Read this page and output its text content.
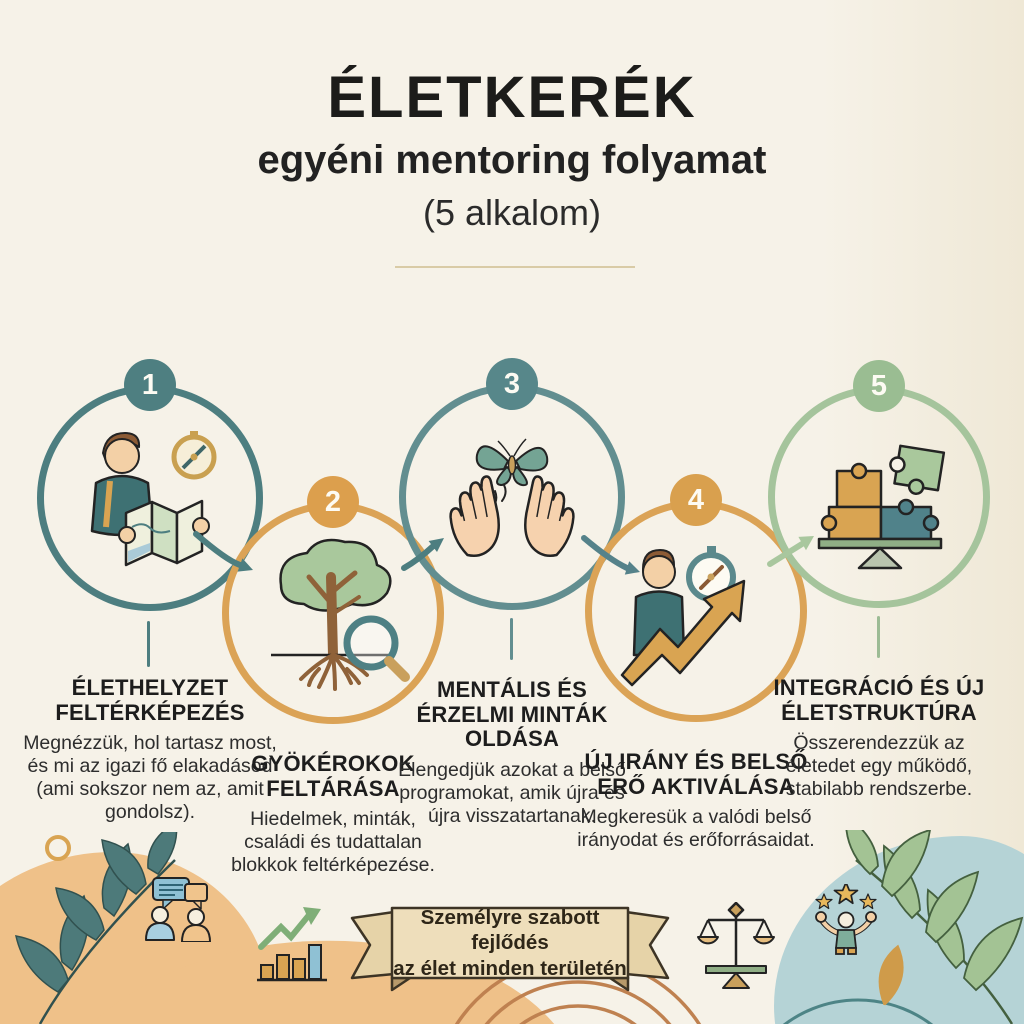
ÉLETKERÉK
egyéni mentoring folyamat
(5 alkalom)
1
ÉLETHELYZET FELTÉRKÉPEZÉS

Megnézzük, hol tartasz most, és mi az igazi fő elakadásod (ami sokszor nem az, amit gondolsz).

2
GYÖKÉROKOK FELTÁRÁSA

Hiedelmek, minták, családi és tudattalan blokkok feltérképezése.

3
MENTÁLIS ÉS ÉRZELMI MINTÁK OLDÁSA

Elengedjük azokat a belső programokat, amik újra és újra visszatartanak.

4
ÚJ IRÁNY ÉS BELSŐ ERŐ AKTIVÁLÁSA

Megkeresük a valódi belső irányodat és erőforrásaidat.

5
INTEGRÁCIÓ ÉS ÚJ ÉLETSTRUKTÚRA

Összerendezzük az életedet egy működő, stabilabb rendszerbe.

Személyre szabott fejlődés
az élet minden területén
